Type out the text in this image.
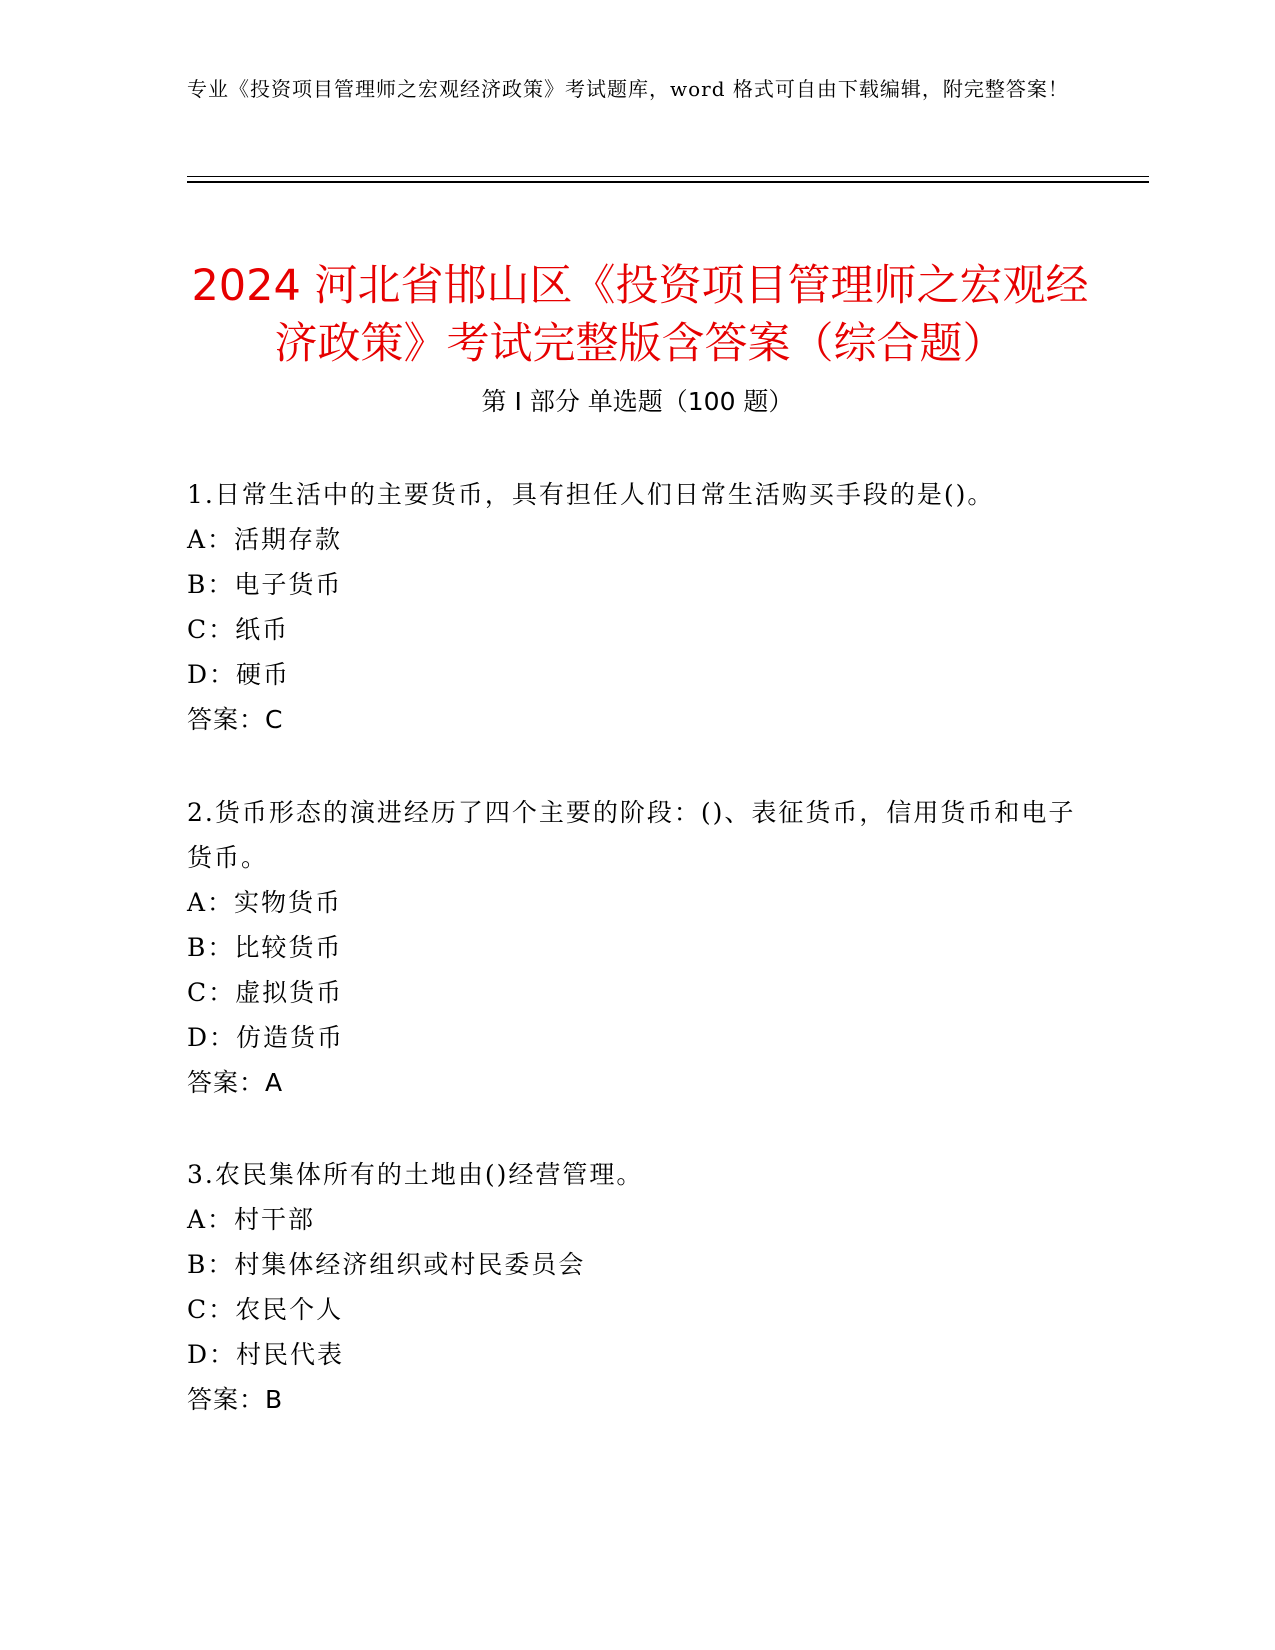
专业《投资项目管理师之宏观经济政策》考试题库，word 格式可自由下载编辑，附完整答案！
2024 河北省邯山区《投资项目管理师之宏观经济政策》考试完整版含答案（综合题）
第 I 部分 单选题（100 题）
1.日常生活中的主要货币，具有担任人们日常生活购买手段的是()。
A：活期存款
B：电子货币
C：纸币
D：硬币
答案：C
2.货币形态的演进经历了四个主要的阶段：()、表征货币，信用货币和电子货币。
A：实物货币
B：比较货币
C：虚拟货币
D：仿造货币
答案：A
3.农民集体所有的土地由()经营管理。
A：村干部
B：村集体经济组织或村民委员会
C：农民个人
D：村民代表
答案：B
